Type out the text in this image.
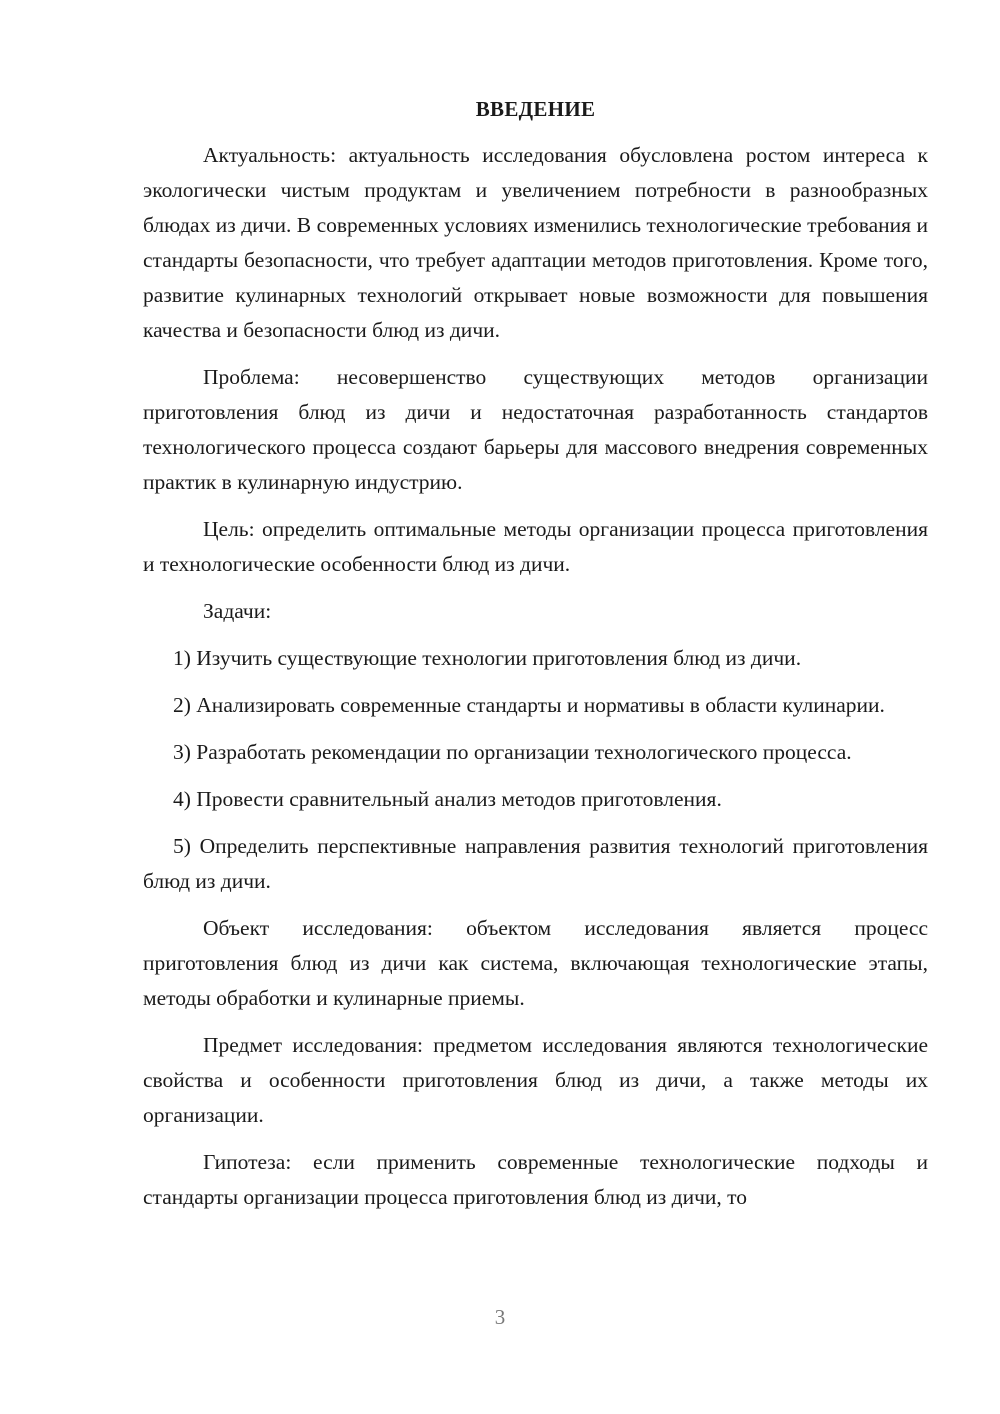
ВВЕДЕНИЕ

Актуальность: актуальность исследования обусловлена ростом интереса к экологически чистым продуктам и увеличением потребности в разнообразных блюдах из дичи. В современных условиях изменились технологические требования и стандарты безопасности, что требует адаптации методов приготовления. Кроме того, развитие кулинарных технологий открывает новые возможности для повышения качества и безопасности блюд из дичи.

Проблема: несовершенство существующих методов организации приготовления блюд из дичи и недостаточная разработанность стандартов технологического процесса создают барьеры для массового внедрения современных практик в кулинарную индустрию.

Цель: определить оптимальные методы организации процесса приготовления и технологические особенности блюд из дичи.

Задачи:

1) Изучить существующие технологии приготовления блюд из дичи.

2) Анализировать современные стандарты и нормативы в области кулинарии.

3) Разработать рекомендации по организации технологического процесса.

4) Провести сравнительный анализ методов приготовления.

5) Определить перспективные направления развития технологий приготовления блюд из дичи.

Объект исследования: объектом исследования является процесс приготовления блюд из дичи как система, включающая технологические этапы, методы обработки и кулинарные приемы.

Предмет исследования: предметом исследования являются технологические свойства и особенности приготовления блюд из дичи, а также методы их организации.

Гипотеза: если применить современные технологические подходы и стандарты организации процесса приготовления блюд из дичи, то

3
